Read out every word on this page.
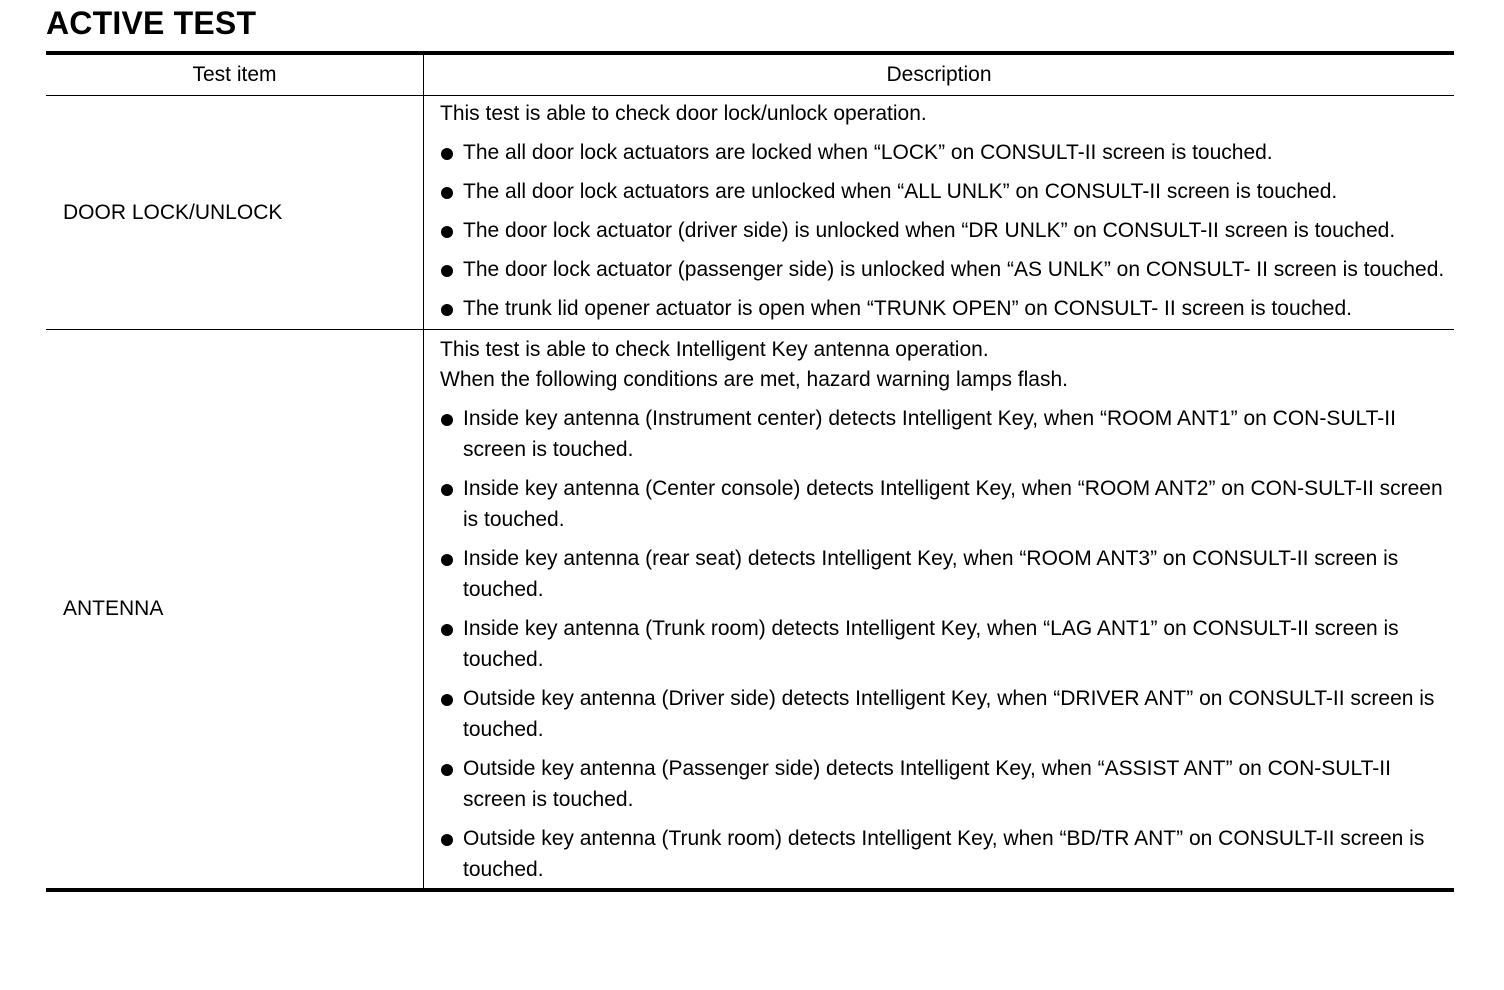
ACTIVE TEST
Test item	Description
DOOR LOCK/UNLOCK

This test is able to check door lock/unlock operation.

The all door lock actuators are locked when “LOCK” on CONSULT-II screen is touched.
The all door lock actuators are unlocked when “ALL UNLK” on CONSULT-II screen is touched.
The door lock actuator (driver side) is unlocked when “DR UNLK” on CONSULT-II screen is touched.
The door lock actuator (passenger side) is unlocked when “AS UNLK” on CONSULT- II screen is touched.
The trunk lid opener actuator is open when “TRUNK OPEN” on CONSULT- II screen is touched.
ANTENNA

This test is able to check Intelligent Key antenna operation.

When the following conditions are met, hazard warning lamps flash.

Inside key antenna (Instrument center) detects Intelligent Key, when “ROOM ANT1” on CON-SULT-II screen is touched.
Inside key antenna (Center console) detects Intelligent Key, when “ROOM ANT2” on CON-SULT-II screen is touched.
Inside key antenna (rear seat) detects Intelligent Key, when “ROOM ANT3” on CONSULT-II screen is touched.
Inside key antenna (Trunk room) detects Intelligent Key, when “LAG ANT1” on CONSULT-II screen is touched.
Outside key antenna (Driver side) detects Intelligent Key, when “DRIVER ANT” on CONSULT-II screen is touched.
Outside key antenna (Passenger side) detects Intelligent Key, when “ASSIST ANT” on CON-SULT-II screen is touched.
Outside key antenna (Trunk room) detects Intelligent Key, when “BD/TR ANT” on CONSULT-II screen is touched.
